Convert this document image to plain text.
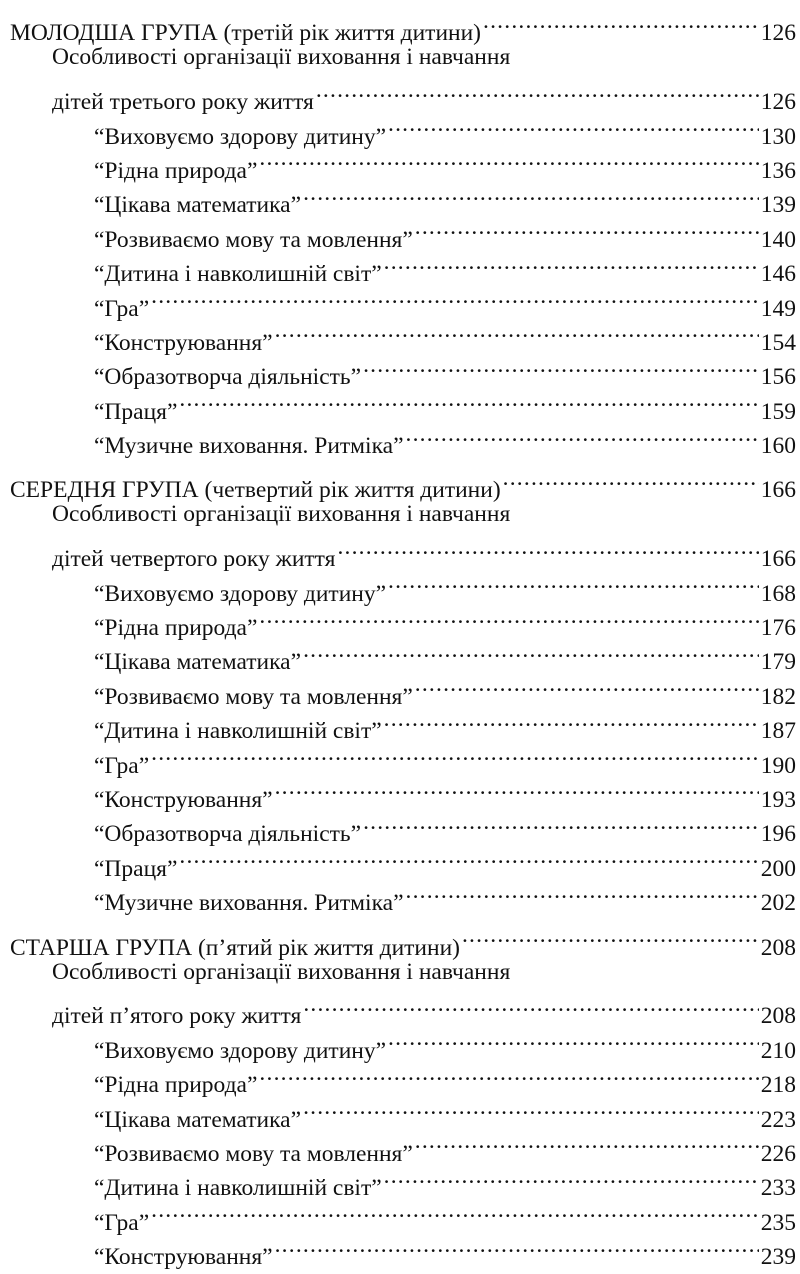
МОЛОДША ГРУПА (третій рік життя дитини) .....	126
Особливості організації виховання і навчання
дітей третього року життя .....	126
“Виховуємо здорову дитину” .....	130
“Рідна природа” .....	136
“Цікава математика” .....	139
“Розвиваємо мову та мовлення” .....	140
“Дитина і навколишній світ” .....	146
“Гра” .....	149
“Конструювання” .....	154
“Образотворча діяльність” .....	156
“Праця” .....	159
“Музичне виховання. Ритміка” .....	160
СЕРЕДНЯ ГРУПА (четвертий рік життя дитини) .....	166
Особливості організації виховання і навчання
дітей четвертого року життя .....	166
“Виховуємо здорову дитину” .....	168
“Рідна природа” .....	176
“Цікава математика” .....	179
“Розвиваємо мову та мовлення” .....	182
“Дитина і навколишній світ” .....	187
“Гра” .....	190
“Конструювання” .....	193
“Образотворча діяльність” .....	196
“Праця” .....	200
“Музичне виховання. Ритміка” .....	202
СТАРША ГРУПА (п’ятий рік життя дитини) .....	208
Особливості організації виховання і навчання
дітей п’ятого року життя .....	208
“Виховуємо здорову дитину” .....	210
“Рідна природа” .....	218
“Цікава математика” .....	223
“Розвиваємо мову та мовлення” .....	226
“Дитина і навколишній світ” .....	233
“Гра” .....	235
“Конструювання” .....	239
